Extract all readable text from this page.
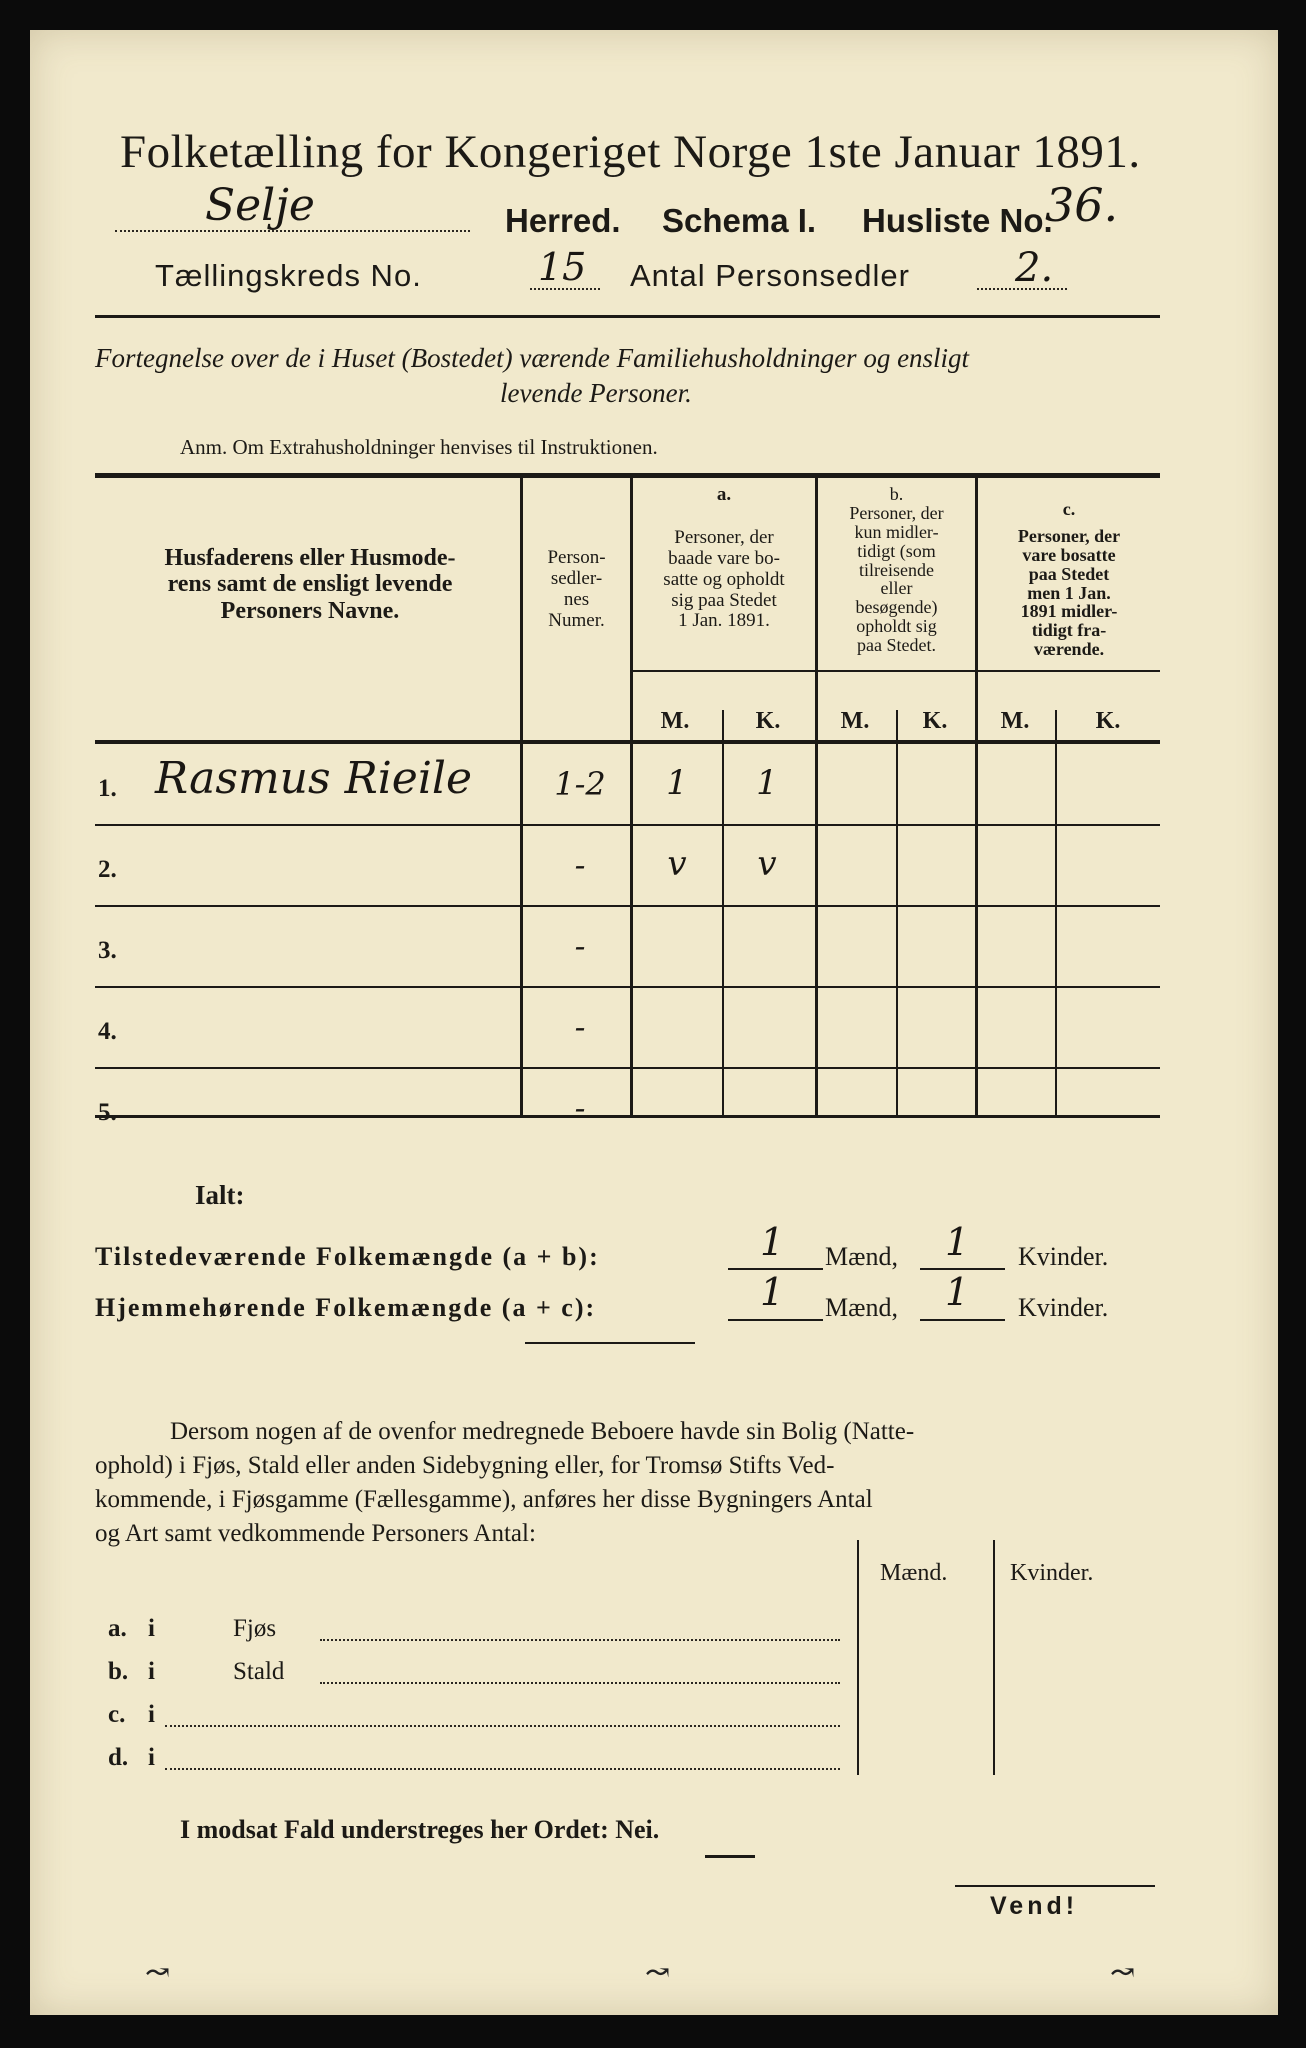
Folketælling for Kongeriget Norge 1ste Januar 1891.
Selje	Herred. Schema I. Husliste No.
36.
Tællingskreds No.	15 Antal Personsedler	2.
Fortegnelse over de i Huset (Bostedet) værende Familiehusholdninger og ensligt
levende Personer.
Anm. Om Extrahusholdninger henvises til Instruktionen.
Husfaderens eller Husmode-
rens samt de ensligt levende
Personers Navne.
Person-
sedler-
nes
Numer.
a.
Personer, der
baade vare bo-
satte og opholdt
sig paa Stedet
1 Jan. 1891.
b.
Personer, der
kun midler-
tidigt (som
tilreisende
eller
besøgende)
opholdt sig
paa Stedet.
c.
Personer, der
vare bosatte
paa Stedet
men 1 Jan.
1891 midler-
tidigt fra-
værende.
M.	K.	M.	K.	M.	K.
1. Rasmus Rieile	1-2	1	1
2.	-	v	v
3.	-
4.	-
5.	-
Ialt:
Tilstedeværende Folkemængde (a + b):	1 Mænd, 1 Kvinder.
Hjemmehørende Folkemængde (a + c):	1 Mænd, 1 Kvinder.
Dersom nogen af de ovenfor medregnede Beboere havde sin Bolig (Natte-
ophold) i Fjøs, Stald eller anden Sidebygning eller, for Tromsø Stifts Ved-
kommende, i Fjøsgamme (Fællesgamme), anføres her disse Bygningers Antal
og Art samt vedkommende Personers Antal:
Mænd.	Kvinder.
a. i	Fjøs
b. i	Stald
c. i
d. i
I modsat Fald understreges her Ordet: Nei.
Vend!
↝	↝	↝
